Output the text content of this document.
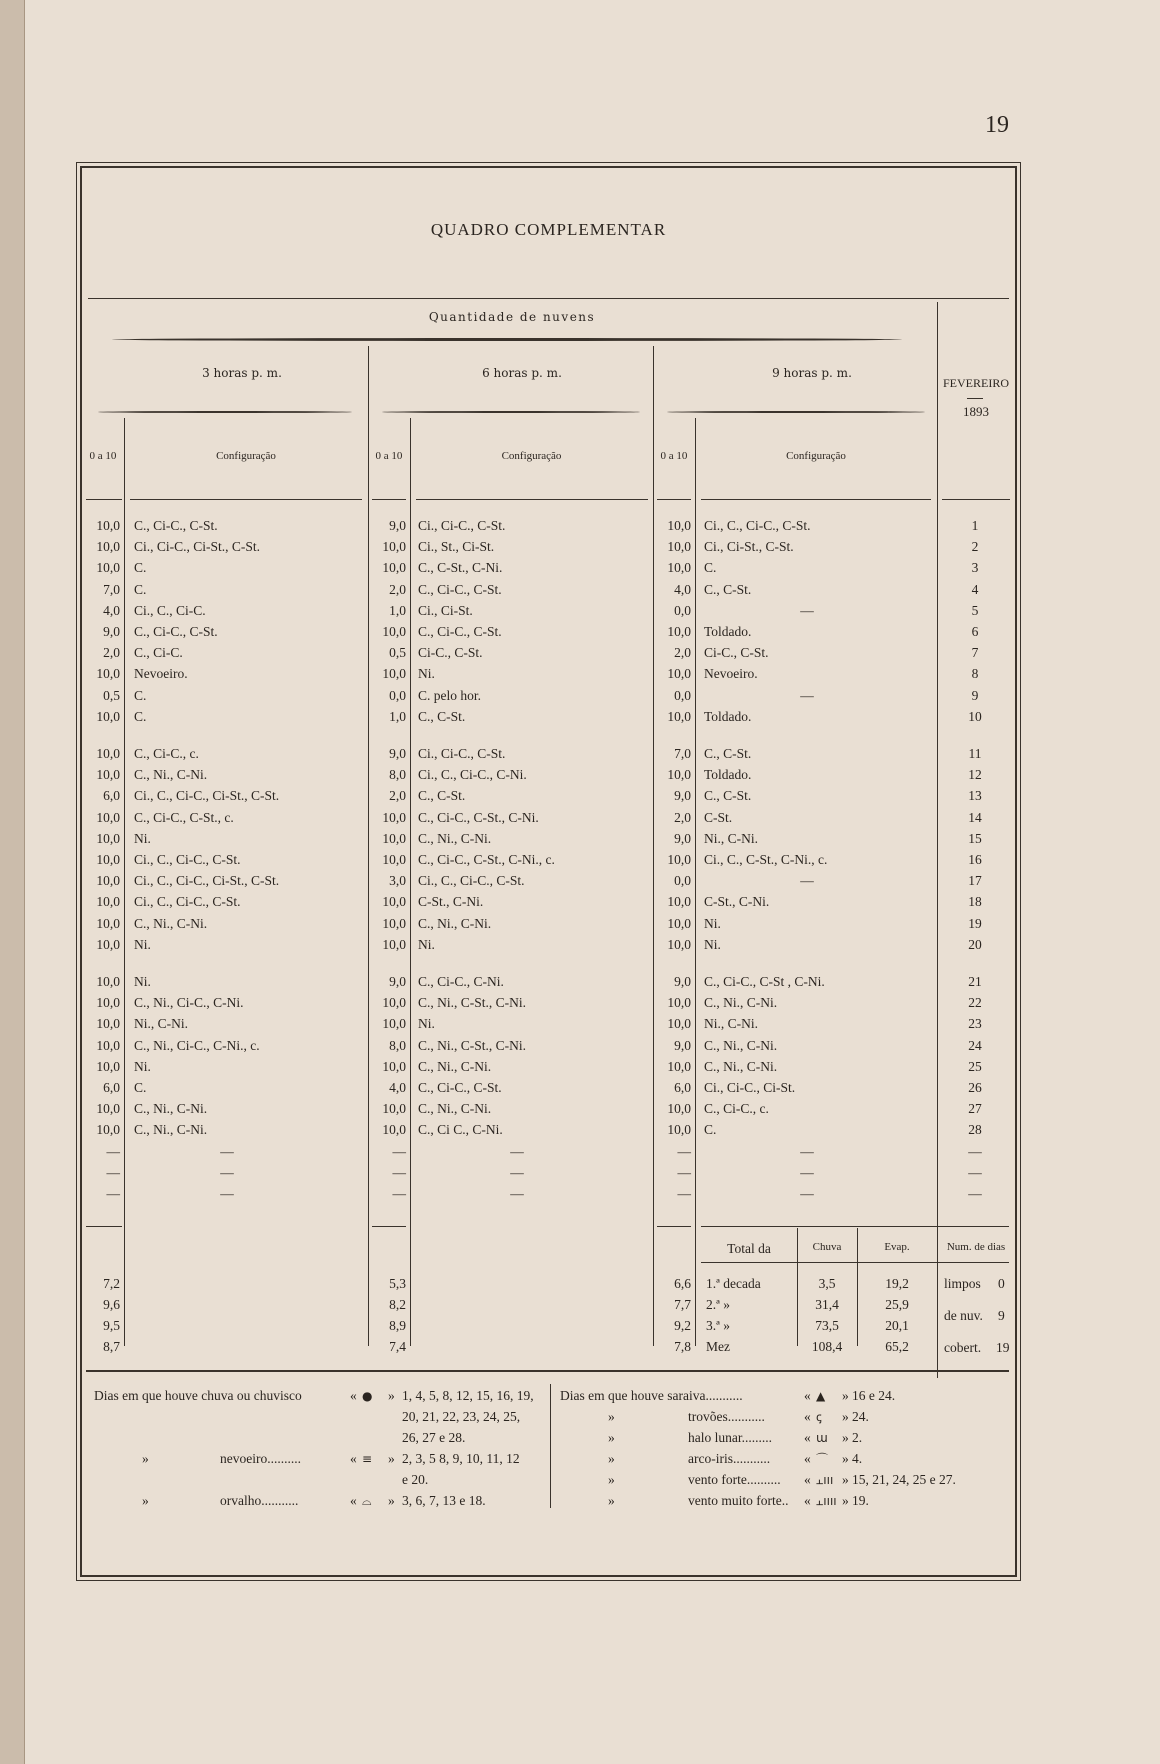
19
QUADRO COMPLEMENTAR
Quantidade de nuvens
3 horas p. m.	6 horas p. m.	9 horas p. m.
FEVEREIRO
1893
0 a 10	Configuração	0 a 10	Configuração	0 a 10	Configuração
10,0 C., Ci-C., C-St.	9,0 Ci., Ci-C., C-St.	10,0 Ci., C., Ci-C., C-St.	1
10,0 Ci., Ci-C., Ci-St., C-St.	10,0 Ci., St., Ci-St.	10,0 Ci., Ci-St., C-St.	2
10,0 C.	10,0 C., C-St., C-Ni.	10,0 C.	3
7,0 C.	2,0 C., Ci-C., C-St.	4,0 C., C-St.	4
4,0 Ci., C., Ci-C.	1,0 Ci., Ci-St.	0,0	—	5
9,0 C., Ci-C., C-St.	10,0 C., Ci-C., C-St.	10,0 Toldado.	6
2,0 C., Ci-C.	0,5 Ci-C., C-St.	2,0 Ci-C., C-St.	7
10,0 Nevoeiro.	10,0 Ni.	10,0 Nevoeiro.	8
0,5 C.	0,0 C. pelo hor.	0,0	—	9
10,0 C.	1,0 C., C-St.	10,0 Toldado.	10
10,0 C., Ci-C., c.	9,0 Ci., Ci-C., C-St.	7,0 C., C-St.	11
10,0 C., Ni., C-Ni.	8,0 Ci., C., Ci-C., C-Ni.	10,0 Toldado.	12
6,0 Ci., C., Ci-C., Ci-St., C-St.	2,0 C., C-St.	9,0 C., C-St.	13
10,0 C., Ci-C., C-St., c.	10,0 C., Ci-C., C-St., C-Ni.	2,0 C-St.	14
10,0 Ni.	10,0 C., Ni., C-Ni.	9,0 Ni., C-Ni.	15
10,0 Ci., C., Ci-C., C-St.	10,0 C., Ci-C., C-St., C-Ni., c.	10,0 Ci., C., C-St., C-Ni., c.	16
10,0 Ci., C., Ci-C., Ci-St., C-St.	3,0 Ci., C., Ci-C., C-St.	0,0	—	17
10,0 Ci., C., Ci-C., C-St.	10,0 C-St., C-Ni.	10,0 C-St., C-Ni.	18
10,0 C., Ni., C-Ni.	10,0 C., Ni., C-Ni.	10,0 Ni.	19
10,0 Ni.	10,0 Ni.	10,0 Ni.	20
10,0 Ni.	9,0 C., Ci-C., C-Ni.	9,0 C., Ci-C., C-St , C-Ni.	21
10,0 C., Ni., Ci-C., C-Ni.	10,0 C., Ni., C-St., C-Ni.	10,0 C., Ni., C-Ni.	22
10,0 Ni., C-Ni.	10,0 Ni.	10,0 Ni., C-Ni.	23
10,0 C., Ni., Ci-C., C-Ni., c.	8,0 C., Ni., C-St., C-Ni.	9,0 C., Ni., C-Ni.	24
10,0 Ni.	10,0 C., Ni., C-Ni.	10,0 C., Ni., C-Ni.	25
6,0 C.	4,0 C., Ci-C., C-St.	6,0 Ci., Ci-C., Ci-St.	26
10,0 C., Ni., C-Ni.	10,0 C., Ni., C-Ni.	10,0 C., Ci-C., c.	27
10,0 C., Ni., C-Ni.	10,0 C., Ci C., C-Ni.	10,0 C.	28
—	—	—	—	—	—	—
—	—	—	—	—	—	—
—	—	—	—	—	—	—
Total da	Chuva	Evap.	Num. de dias
7,2	5,3	6,6 1.ª decada	3,5	19,2
9,6	8,2	7,7 2.ª »	31,4	25,9
9,5	8,9	9,2 3.ª »	73,5	20,1
8,7	7,4	7,8 Mez	108,4	65,2
limpos 0
de nuv. 9
cobert. 19
Dias em que houve chuva ou chuvisco	« ● » 1, 4, 5, 8, 12, 15, 16, 19,
20, 21, 22, 23, 24, 25,
26, 27 e 28.
»	nevoeiro..........	« ≡ » 2, 3, 5 8, 9, 10, 11, 12
e 20.
»	orvalho...........	« ⌓ » 3, 6, 7, 13 e 18.
Dias em que houve saraiva...........	« ▲ » 16 e 24.
»	trovões...........	« ꞔ » 24.
»	halo lunar......... « ɯ » 2.
»	arco-iris...........	« ⌒ » 4.
»	vento forte.......... « ⫠ııı » 15, 21, 24, 25 e 27.
»	vento muito forte.. « ⫠ıııı » 19.
